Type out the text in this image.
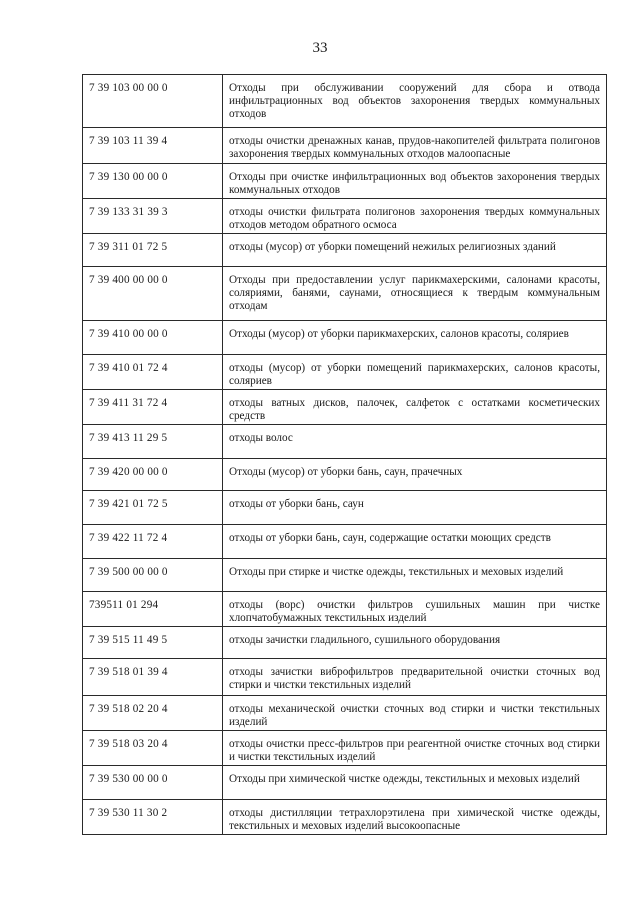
33
7 39 103 00 00 0	Отходы при обслуживании сооружений для сбора и отвода инфильтрационных вод объектов захоронения твердых коммунальных отходов
7 39 103 11 39 4	отходы очистки дренажных канав, прудов-накопителей фильтрата полигонов захоронения твердых коммунальных отходов малоопасные
7 39 130 00 00 0	Отходы при очистке инфильтрационных вод объектов захоронения твердых коммунальных отходов
7 39 133 31 39 3	отходы очистки фильтрата полигонов захоронения твердых коммунальных отходов методом обратного осмоса
7 39 311 01 72 5	отходы (мусор) от уборки помещений нежилых религиозных зданий
7 39 400 00 00 0	Отходы при предоставлении услуг парикмахерскими, салонами красоты, соляриями, банями, саунами, относящиеся к твердым коммунальным отходам
7 39 410 00 00 0	Отходы (мусор) от уборки парикмахерских, салонов красоты, соляриев
7 39 410 01 72 4	отходы (мусор) от уборки помещений парикмахерских, салонов красоты, соляриев
7 39 411 31 72 4	отходы ватных дисков, палочек, салфеток с остатками косметических средств
7 39 413 11 29 5	отходы волос
7 39 420 00 00 0	Отходы (мусор) от уборки бань, саун, прачечных
7 39 421 01 72 5	отходы от уборки бань, саун
7 39 422 11 72 4	отходы от уборки бань, саун, содержащие остатки моющих средств
7 39 500 00 00 0	Отходы при стирке и чистке одежды, текстильных и меховых изделий
739511 01 294	отходы (ворс) очистки фильтров сушильных машин при чистке хлопчатобумажных текстильных изделий
7 39 515 11 49 5	отходы зачистки гладильного, сушильного оборудования
7 39 518 01 39 4	отходы зачистки виброфильтров предварительной очистки сточных вод стирки и чистки текстильных изделий
7 39 518 02 20 4	отходы механической очистки сточных вод стирки и чистки текстильных изделий
7 39 518 03 20 4	отходы очистки пресс-фильтров при реагентной очистке сточных вод стирки и чистки текстильных изделий
7 39 530 00 00 0	Отходы при химической чистке одежды, текстильных и меховых изделий
7 39 530 11 30 2	отходы дистилляции тетрахлорэтилена при химической чистке одежды, текстильных и меховых изделий высокоопасные
